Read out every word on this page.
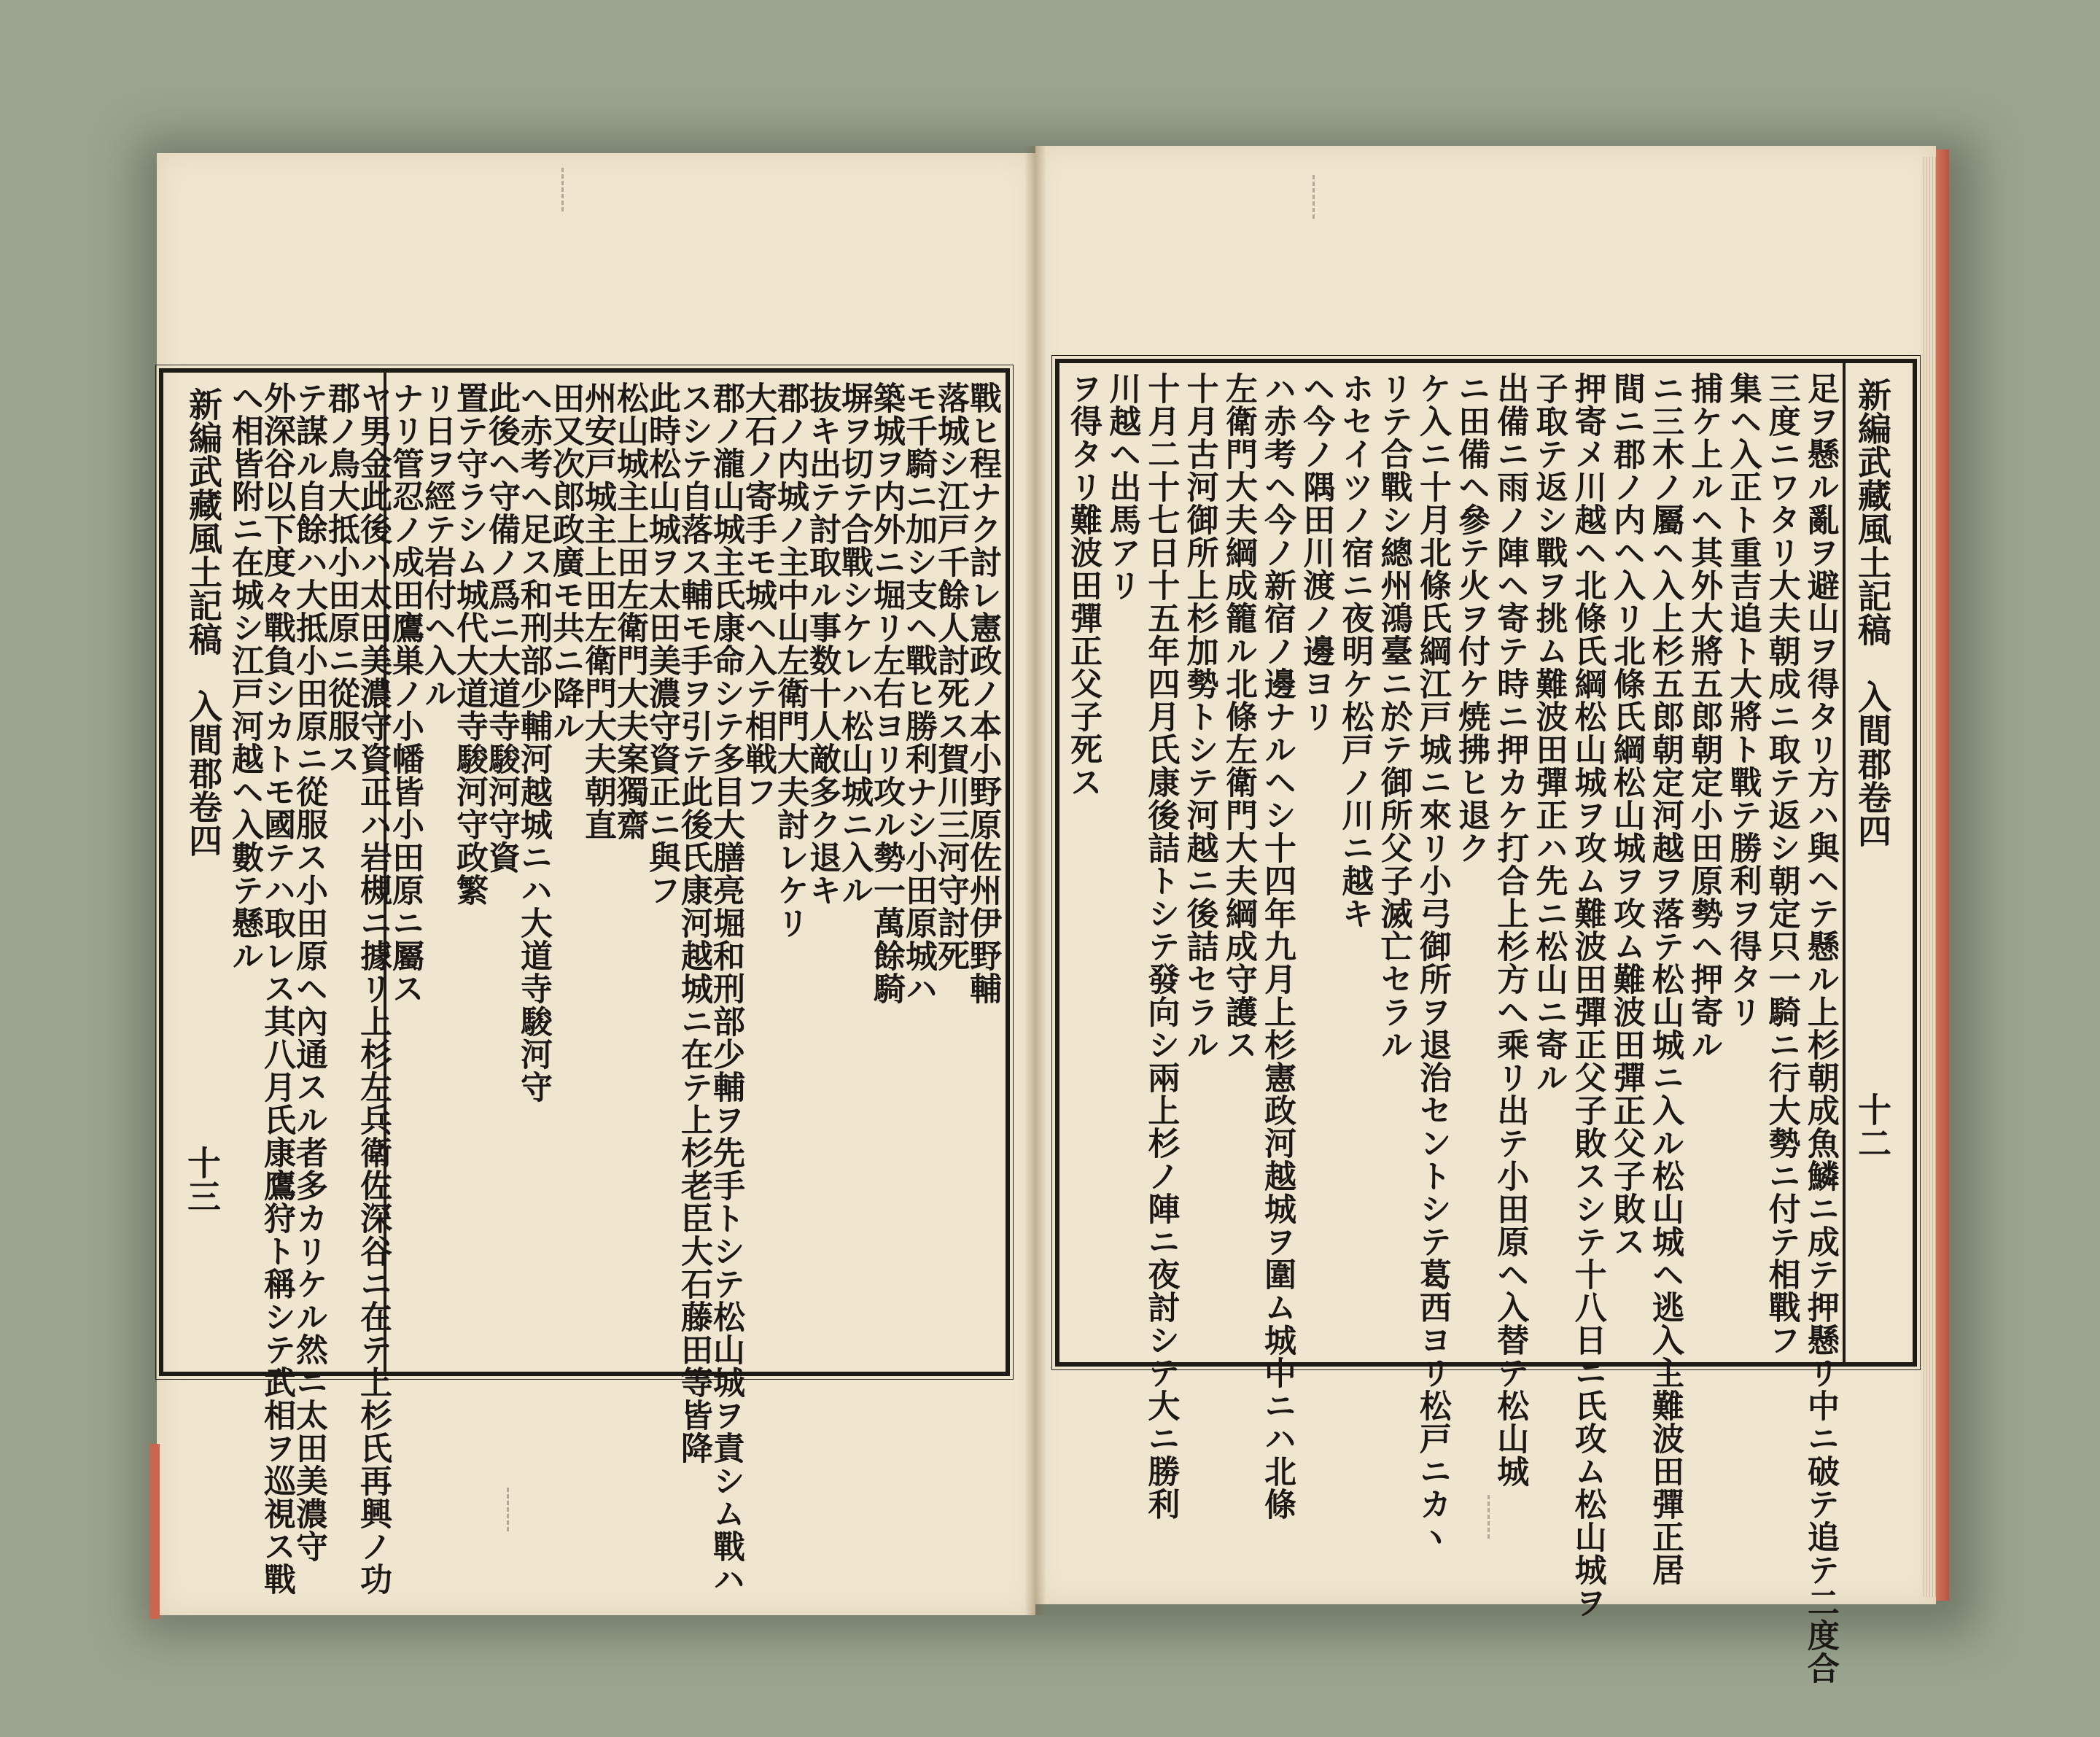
戰ヒ程ナク討レ憲政ノ本小野原佐州伊野輔
落城シ江戸千餘人討死ス賀川三河守討死
モ千騎ニ加シ支ヘ戰ヒ勝利ナシ小田原城ハ
築城ヲ内外ニ堀リ左右ヨリ攻ル勢一萬餘騎
塀ヲ切テ合戰シケレハ松山城ニ入ル
抜キ出テ討取ル事数十人敵多ク退キ
郡ノ内城ノ主中山左衛門大夫討レケリ
大石ノ寄手モ城ヘ入テ相戦フ
郡ノ瀧山城主氏康命シテ多目大膳亮堀和刑部少輔ヲ先手トシテ松山城ヲ責シム戰ハ
スシテ自落ス輔モ手ヲ引テ此後氏康河越城ニ在テ上杉老臣大石藤田等皆降
此時松山城ヲ太田美濃守資正ニ與フ
松山城主上田左衛門大夫案獨齋
州安戸城主上田左衛門大夫朝直
田又次郎政廣モ共ニ降ル
へ赤考へ足ス和刑部少輔河越城ニハ大道寺駿河守
此後ヘ守備ノ爲ニ大道寺駿河守資
置テ守ラシム城代大道寺駿河守政繁
リ日ヲ經テ岩付ヘ入ル
ナリ管忍ノ成田鷹巣ノ小幡皆小田原ニ屬ス
ヤ男金此後ハ太田美濃守資正ハ岩槻ニ據リ上杉左兵衛佐深谷ニ在テ上杉氏再興ノ功
郡ノ鳥大抵小田原ニ從服ス
テ謀ル自餘ハ大抵小田原ニ從服ス小田原ヘ內通スル者多カリケル然ニ太田美濃守
外深谷以下度々戰負シカトモ國テハ取レス其八月氏康鷹狩ト稱シテ武相ヲ巡視ス戰
へ相皆附ニ在城シ江戸河越ヘ入數テ懸ル
新編武藏風土記稿　入間郡卷四
十三	足ヲ懸ル亂ヲ避山ヲ得タリ方ハ與ヘテ懸ル上杉朝成魚鱗ニ成テ押懸リ中ニ破テ追テ二度合
三度ニワタリ大夫朝成ニ取テ返シ朝定只一騎ニ行大勢ニ付テ相戰フ
集ヘ入正ト重吉追ト大將ト戰テ勝利ヲ得タリ
捕ケ上ルヘ其外大將五郎朝定小田原勢ヘ押寄ル
ニ三木ノ屬ヘ入上杉五郎朝定河越ヲ落テ松山城ニ入ル松山城ヘ逃入主難波田彈正居
間ニ郡ノ内ヘ入リ北條氏綱松山城ヲ攻ム難波田彈正父子敗ス
押寄メ川越ヘ北條氏綱松山城ヲ攻ム難波田彈正父子敗スシテ十八日ニ氏攻ム松山城ヲ
子取テ返シ戰ヲ挑ム難波田彈正ハ先ニ松山ニ寄ル
出備ニ雨ノ陣ヘ寄テ時ニ押カケ打合上杉方へ乘リ出テ小田原ヘ入替テ松山城
ニ田備ヘ參テ火ヲ付ケ焼拂ヒ退ク
ケ入ニ十月北條氏綱江戸城ニ來リ小弓御所ヲ退治セントシテ葛西ヨリ松戸ニカヽ
リテ合戰シ總州鴻臺ニ於テ御所父子滅亡セラル
ホセイツノ宿ニ夜明ケ松戸ノ川ニ越キ
ヘ今ノ隅田川渡ノ邊ヨリ
ハ赤考ヘ今ノ新宿ノ邊ナルヘシ十四年九月上杉憲政河越城ヲ圍ム城中ニハ北條
左衛門大夫綱成籠ル北條左衛門大夫綱成守護ス
十月古河御所上杉加勢トシテ河越ニ後詰セラル
十月二十七日十五年四月氏康後詰トシテ發向シ兩上杉ノ陣ニ夜討シテ大ニ勝利
川越ヘ出馬アリ
ヲ得タリ難波田彈正父子死ス	新編武藏風土記稿　入間郡卷四
十二
